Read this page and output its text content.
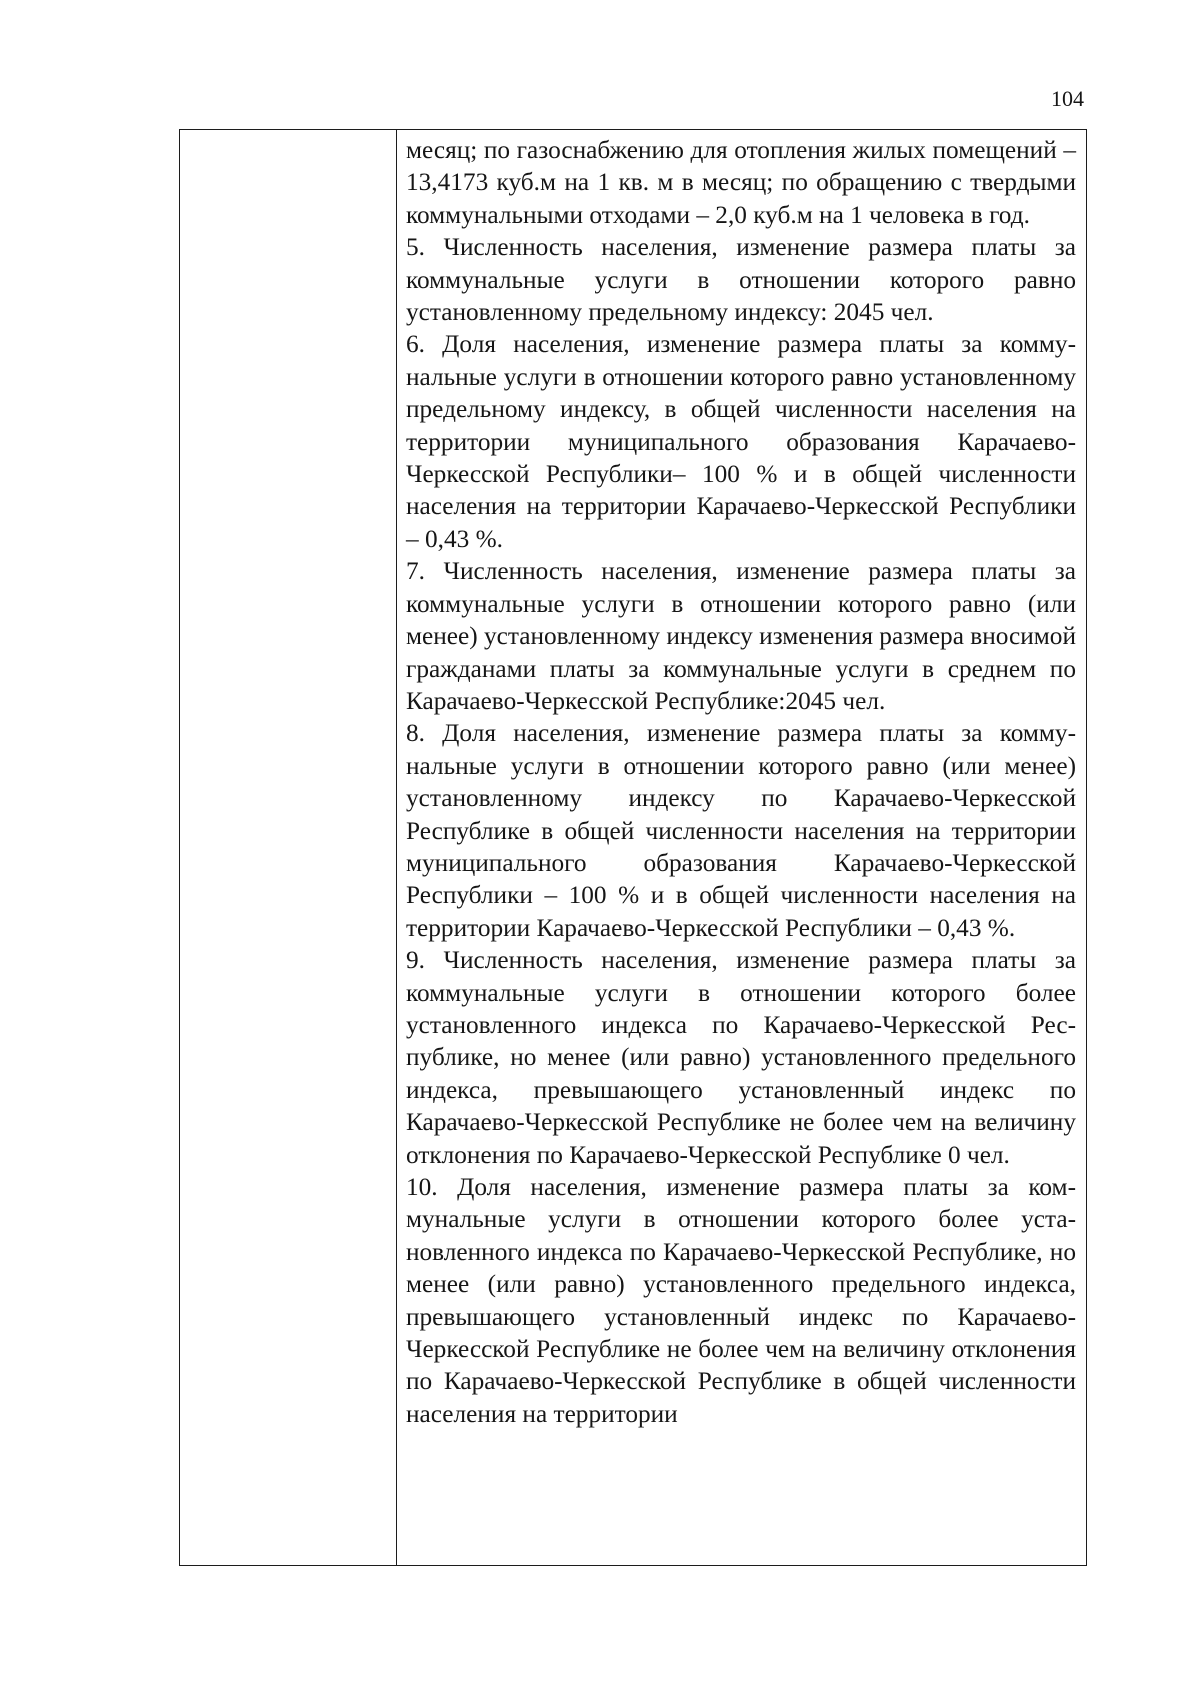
104

месяц; по газоснабжению для отопления жилых помещений – 13,4173 куб.м на 1 кв. м в месяц; по обращению с твердыми коммунальными отходами – 2,0 куб.м на 1 человека в год.

5. Численность населения, изменение размера платы за коммунальные услуги в отношении которого равно установленному предельному индексу: 2045 чел.

6. Доля населения, изменение размера платы за коммунальные услуги в отношении которого равно установленному предельному индексу, в общей численности населения на территории муниципального образования Карачаево-Черкесской Республики– 100 % и в общей численности населения на территории Карачаево-Черкесской Республики – 0,43 %.

7. Численность населения, изменение размера платы за коммунальные услуги в отношении которого равно (или менее) установленному индексу изменения размера вносимой гражданами платы за коммунальные услуги в среднем по Карачаево-Черкесской Республике:2045 чел.

8. Доля населения, изменение размера платы за коммунальные услуги в отношении которого равно (или менее) установленному индексу по Карачаево-Черкесской Республике в общей численности населения на территории муниципального образования Карачаево-Черкесской Республики – 100 % и в общей численности населения на территории Карачаево-Черкесской Республики – 0,43 %.

9. Численность населения, изменение размера платы за коммунальные услуги в отношении которого более установленного индекса по Карачаево-Черкесской Республике, но менее (или равно) установленного предельного индекса, превышающего установленный индекс по Карачаево-Черкесской Республике не более чем на величину отклонения по Карачаево-Черкесской Республике 0 чел.

10. Доля населения, изменение размера платы за коммунальные услуги в отношении которого более установленного индекса по Карачаево-Черкесской Республике, но менее (или равно) установленного предельного индекса, превышающего установленный индекс по Карачаево-Черкесской Республике не более чем на величину отклонения по Карачаево-Черкесской Республике в общей численности населения на территории
